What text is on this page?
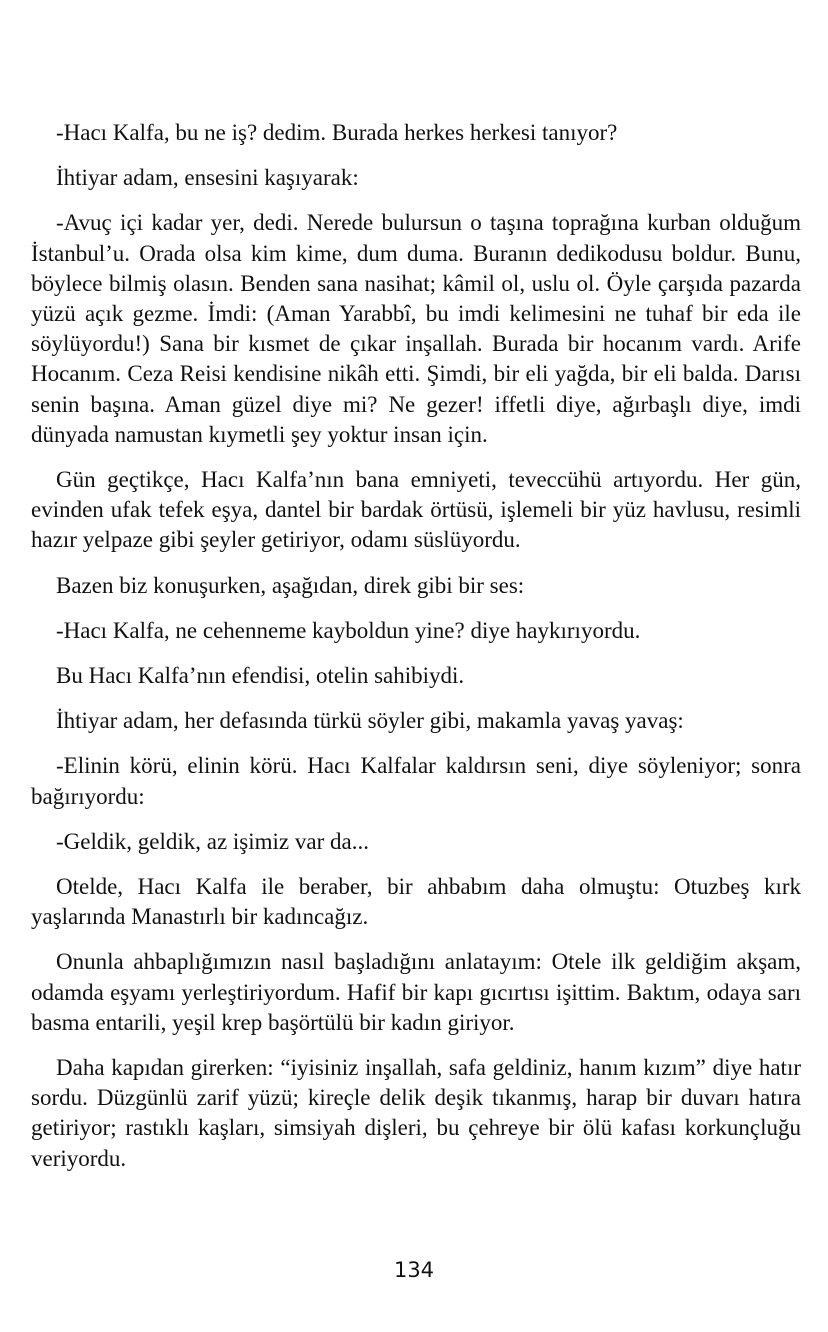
-Hacı Kalfa, bu ne iş? dedim. Burada herkes herkesi tanıyor?

İhtiyar adam, ensesini kaşıyarak:

-Avuç içi kadar yer, dedi. Nerede bulursun o taşına toprağına kurban olduğum İstanbul’u. Orada olsa kim kime, dum duma. Buranın dedikodusu boldur. Bunu, böylece bilmiş olasın. Benden sana nasihat; kâmil ol, uslu ol. Öyle çarşıda pazarda yüzü açık gezme. İmdi: (Aman Yarabbî, bu imdi kelimesini ne tuhaf bir eda ile söylüyordu!) Sana bir kısmet de çıkar inşallah. Burada bir hocanım vardı. Arife Hocanım. Ceza Reisi kendisine nikâh etti. Şimdi, bir eli yağda, bir eli balda. Darısı senin başına. Aman güzel diye mi? Ne gezer! iffetli diye, ağırbaşlı diye, imdi dünyada namustan kıymetli şey yoktur insan için.

Gün geçtikçe, Hacı Kalfa’nın bana emniyeti, teveccühü artıyordu. Her gün, evinden ufak tefek eşya, dantel bir bardak örtüsü, işlemeli bir yüz havlusu, resimli hazır yelpaze gibi şeyler getiriyor, odamı süslüyordu.

Bazen biz konuşurken, aşağıdan, direk gibi bir ses:

-Hacı Kalfa, ne cehenneme kayboldun yine? diye haykırıyordu.

Bu Hacı Kalfa’nın efendisi, otelin sahibiydi.

İhtiyar adam, her defasında türkü söyler gibi, makamla yavaş yavaş:

-Elinin körü, elinin körü. Hacı Kalfalar kaldırsın seni, diye söyleniyor; sonra bağırıyordu:

-Geldik, geldik, az işimiz var da...

Otelde, Hacı Kalfa ile beraber, bir ahbabım daha olmuştu: Otuzbeş kırk yaşlarında Manastırlı bir kadıncağız.

Onunla ahbaplığımızın nasıl başladığını anlatayım: Otele ilk geldiğim akşam, odamda eşyamı yerleştiriyordum. Hafif bir kapı gıcırtısı işittim. Baktım, odaya sarı basma entarili, yeşil krep başörtülü bir kadın giriyor.

Daha kapıdan girerken: “iyisiniz inşallah, safa geldiniz, hanım kızım” diye hatır sordu. Düzgünlü zarif yüzü; kireçle delik deşik tıkanmış, harap bir duvarı hatıra getiriyor; rastıklı kaşları, simsiyah dişleri, bu çehreye bir ölü kafası korkunçluğu veriyordu.

134
